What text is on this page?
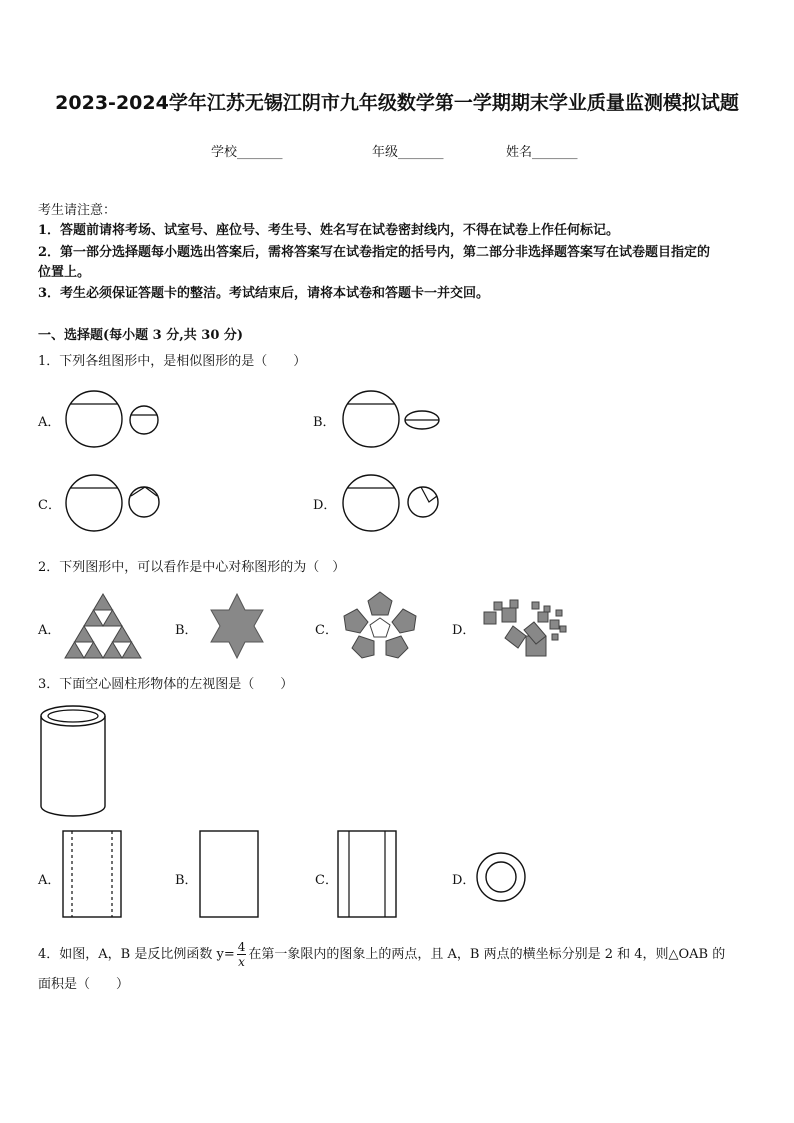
2023-2024学年江苏无锡江阴市九年级数学第一学期期末学业质量监测模拟试题
学校_______	年级_______	姓名_______
考生请注意：
1．答题前请将考场、试室号、座位号、考生号、姓名写在试卷密封线内，不得在试卷上作任何标记。
2．第一部分选择题每小题选出答案后，需将答案写在试卷指定的括号内，第二部分非选择题答案写在试卷题目指定的
位置上。
3．考生必须保证答题卡的整洁。考试结束后，请将本试卷和答题卡一并交回。
一、选择题(每小题 3 分,共 30 分)
1．下列各组图形中，是相似图形的是（　　）
A．	B．
C．	D．
2．下列图形中，可以看作是中心对称图形的为（　）
A．	B．	C．	D．
3．下面空心圆柱形物体的左视图是（　　）
A．	B．	C．	D．
4．如图，A，B 是反比例函数 $y= \frac{4}{x}$ 在第一象限内的图象上的两点，且 A，B 两点的横坐标分别是 2 和 4，则△OAB 的
面积是（　　）
